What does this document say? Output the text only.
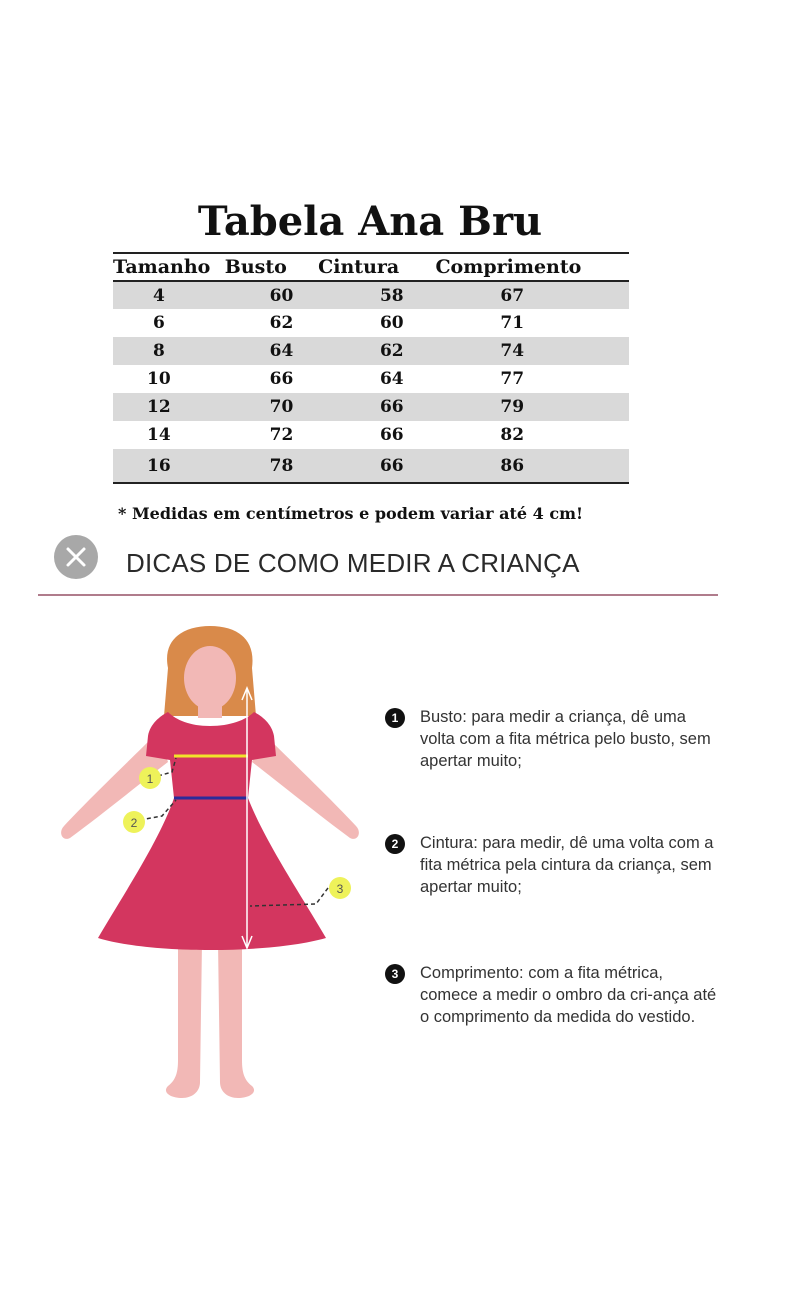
Tabela Ana Bru
Tamanho	Busto	Cintura	Comprimento
4	60	58	67
6	62	60	71
8	64	62	74
10	66	64	77
12	70	66	79
14	72	66	82
16	78	66	86
* Medidas em centímetros e podem variar até 4 cm!
DICAS DE COMO MEDIR A CRIANÇA
1
2
3
1	Busto: para medir a criança, dê uma volta com a fita métrica pelo busto, sem apertar muito;
2	Cintura: para medir, dê uma volta com a fita métrica pela cintura da criança, sem apertar muito;
3	Comprimento: com a fita métrica, comece a medir o ombro da cri-ança até o comprimento da medida do vestido.
